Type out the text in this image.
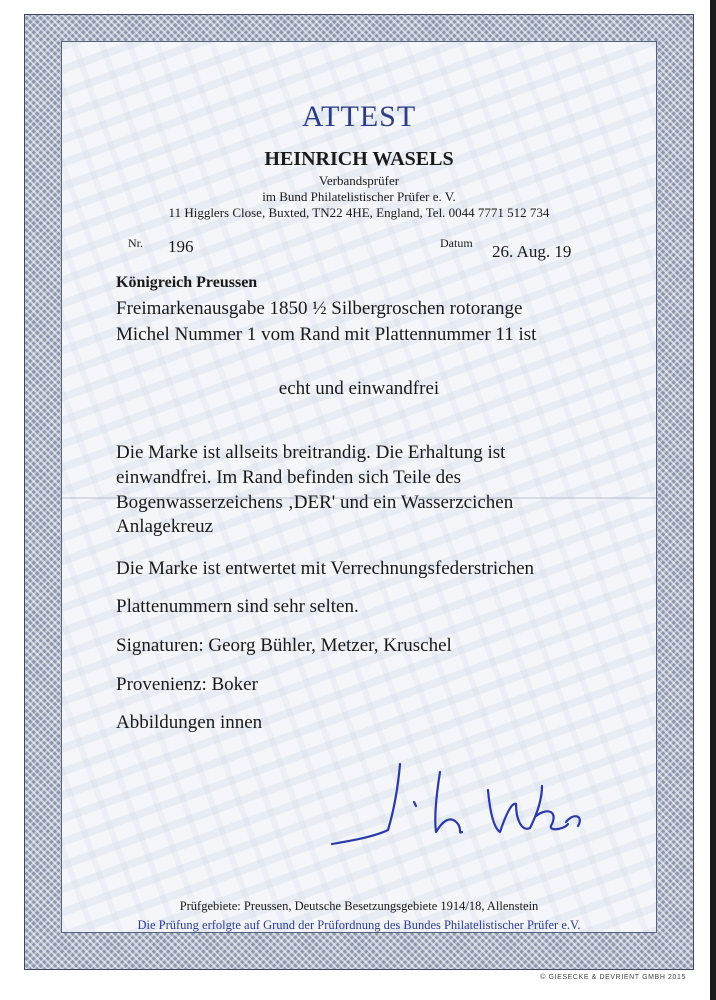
ATTEST
HEINRICH WASELS
Verbandsprüfer
im Bund Philatelistischer Prüfer e. V.
11 Higglers Close, Buxted, TN22 4HE, England, Tel. 0044 7771 512 734
Nr. 196	Datum 26. Aug. 19
Königreich Preussen
Freimarkenausgabe 1850 ½ Silbergroschen rotorange
Michel Nummer 1 vom Rand mit Plattennummer 11 ist
echt und einwandfrei
Die Marke ist allseits breitrandig. Die Erhaltung ist
einwandfrei. Im Rand befinden sich Teile des
Bogenwasserzeichens ‚DER' und ein Wasserzcichen
Anlagekreuz
Die Marke ist entwertet mit Verrechnungsfederstrichen
Plattenummern sind sehr selten.
Signaturen: Georg Bühler, Metzer, Kruschel
Provenienz: Boker
Abbildungen innen
Prüfgebiete: Preussen, Deutsche Besetzungsgebiete 1914/18, Allenstein
Die Prüfung erfolgte auf Grund der Prüfordnung des Bundes Philatelistischer Prüfer e.V.
© GIESECKE & DEVRIENT GMBH 2015
